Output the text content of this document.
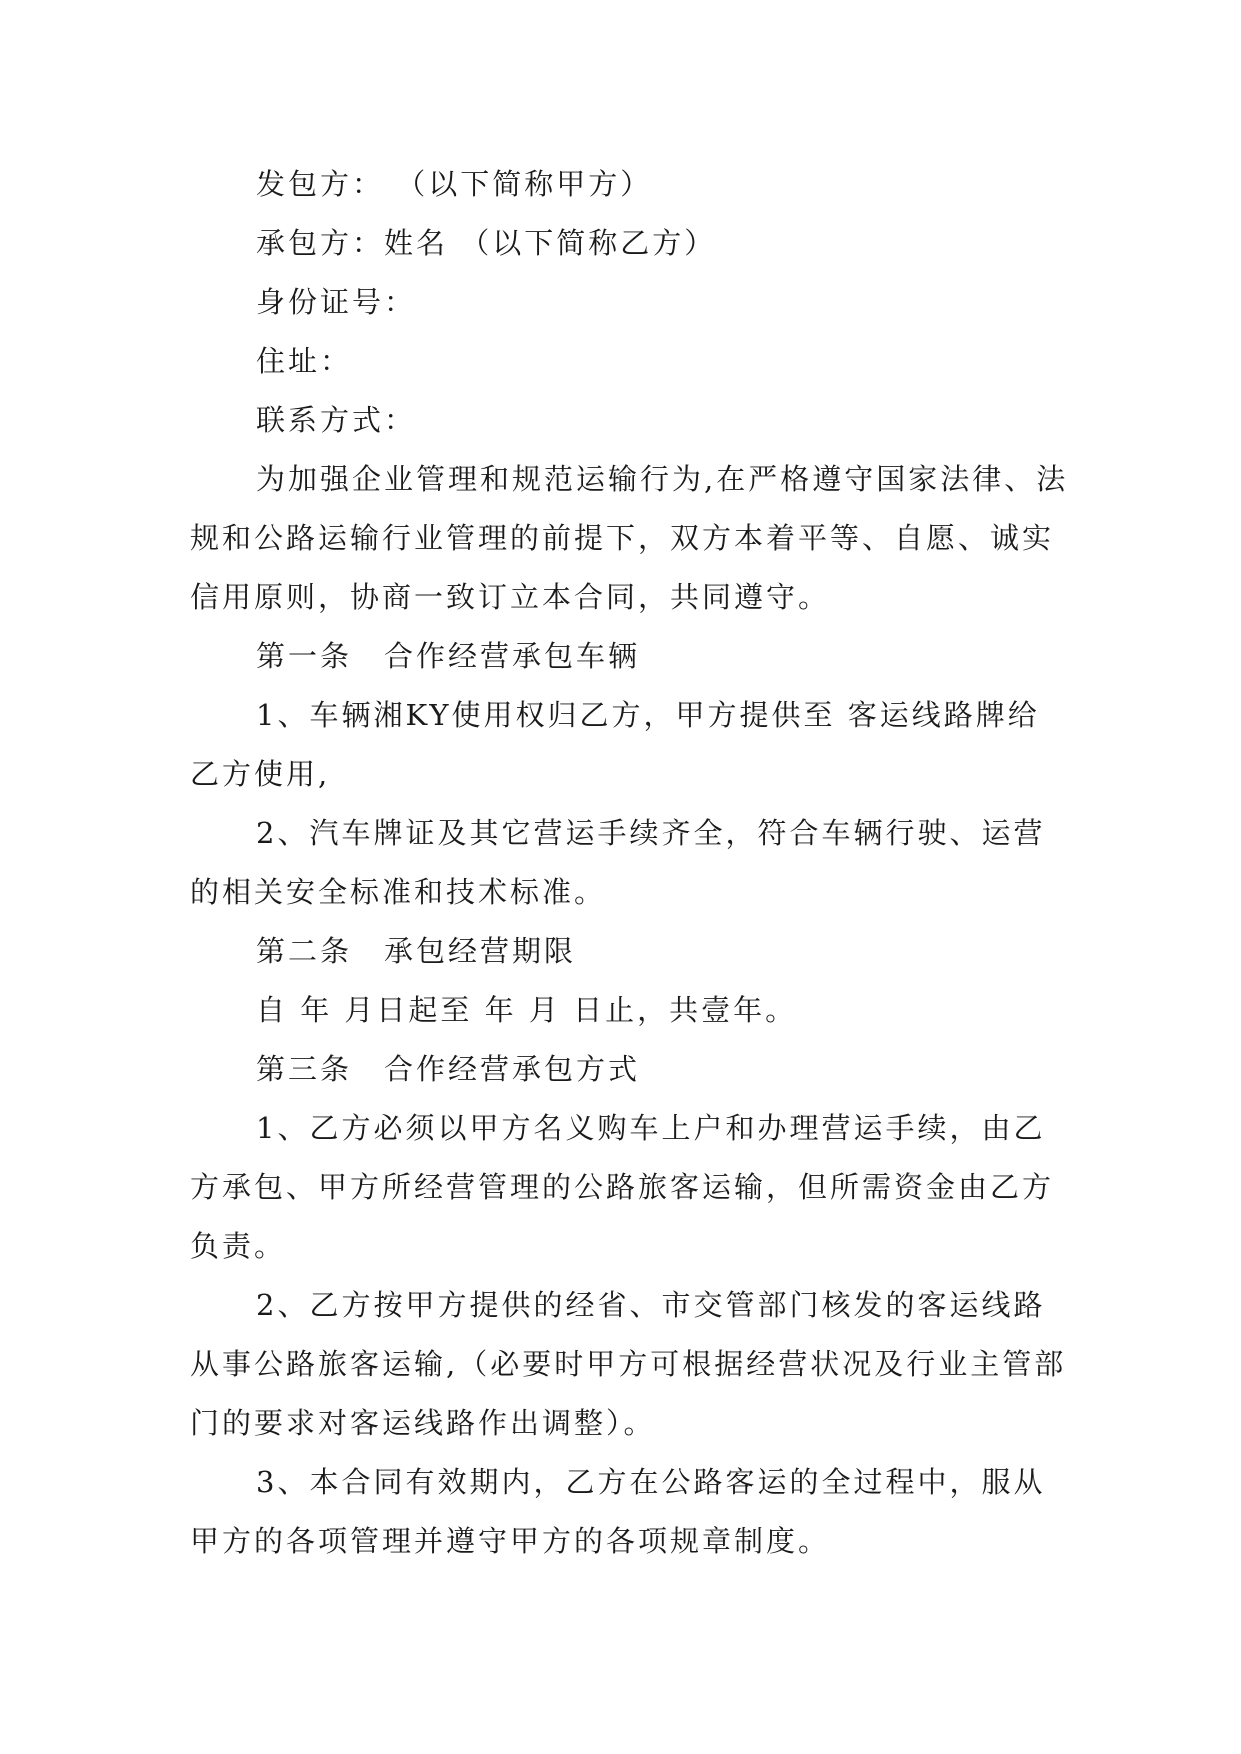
发包方： （以下简称甲方）

承包方：姓名 （以下简称乙方）

身份证号：

住址：

联系方式：

为加强企业管理和规范运输行为,在严格遵守国家法律、法规和公路运输行业管理的前提下，双方本着平等、自愿、诚实信用原则，协商一致订立本合同，共同遵守。

第一条　合作经营承包车辆

1、车辆湘KY使用权归乙方，甲方提供至 客运线路牌给乙方使用,

2、汽车牌证及其它营运手续齐全，符合车辆行驶、运营的相关安全标准和技术标准。

第二条　承包经营期限

自 年 月日起至 年 月 日止，共壹年。

第三条　合作经营承包方式

1、乙方必须以甲方名义购车上户和办理营运手续，由乙方承包、甲方所经营管理的公路旅客运输，但所需资金由乙方负责。

2、乙方按甲方提供的经省、市交管部门核发的客运线路从事公路旅客运输,（必要时甲方可根据经营状况及行业主管部门的要求对客运线路作出调整）。

3、本合同有效期内，乙方在公路客运的全过程中，服从甲方的各项管理并遵守甲方的各项规章制度。
